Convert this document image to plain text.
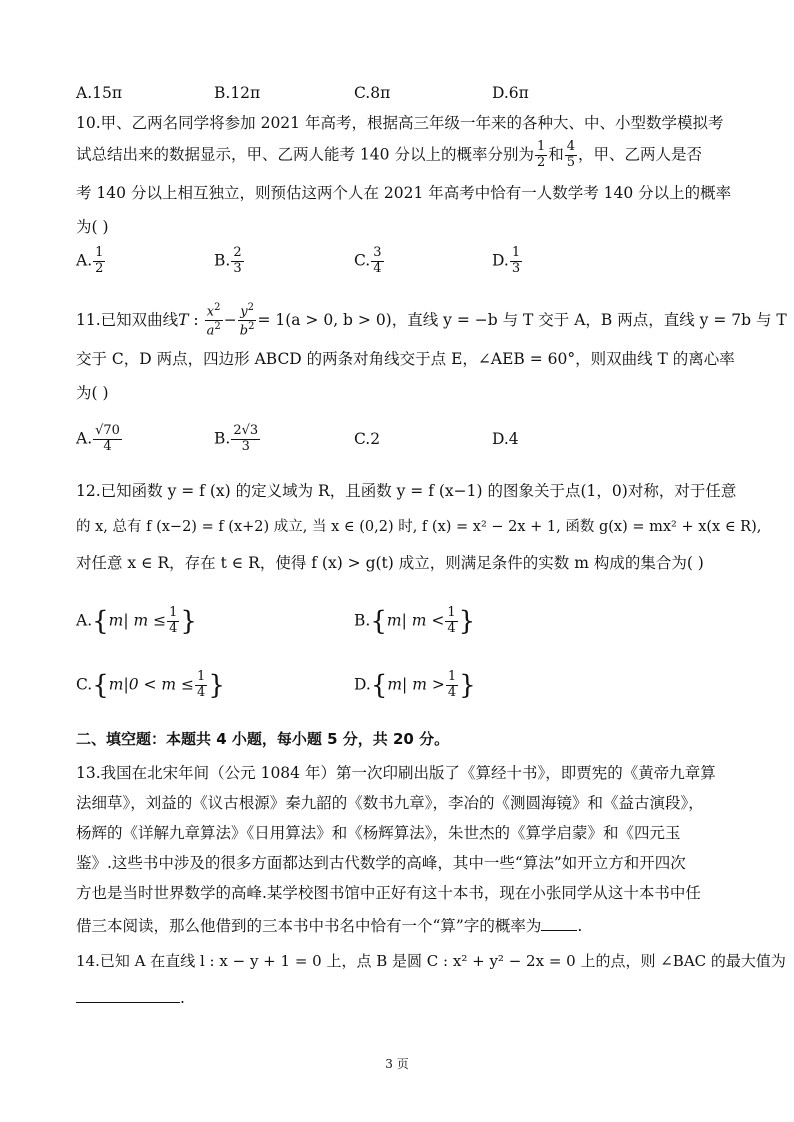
A.15π	B.12π	C.8π	D.6π
10.甲、乙两名同学将参加 2021 年高考，根据高三年级一年来的各种大、中、小型数学模拟考
试总结出来的数据显示，甲、乙两人能考 140 分以上的概率分别为 $\frac{1}{2}$ 和 $\frac{4}{5}$ ，甲、乙两人是否
考 140 分以上相互独立，则预估这两个人在 2021 年高考中恰有一人数学考 140 分以上的概率
为( )
A. $\frac{1}{2}$	B. $\frac{2}{3}$	C. $\frac{3}{4}$	D. $\frac{1}{3}$
11.已知双曲线T : $\frac{x^2}{a^2} - \frac{y^2}{b^2} = 1(a > 0$, b > 0)，直线 y = −b 与 T 交于 A，B 两点，直线 y = 7b 与 T
交于 C，D 两点，四边形 ABCD 的两条对角线交于点 E，∠AEB = 60°，则双曲线 T 的离心率
为( )
A. $\frac{√70}{4}$	B. $\frac{2√3}{3}$	C.2	D.4
12.已知函数 y = f (x) 的定义域为 R，且函数 y = f (x−1) 的图象关于点(1，0)对称，对于任意
的 x, 总有 f (x−2) = f (x+2) 成立, 当 x ∈ (0,2) 时, f (x) = x² − 2x + 1, 函数 g(x) = mx² + x(x ∈ R),
对任意 x ∈ R，存在 t ∈ R，使得 f (x) > g(t) 成立，则满足条件的实数 m 构成的集合为( )
A.{m| $m \le \frac{1}{4}$ }	B.{m| $m < \frac{1}{4}$ }
$C.\{m|0 < m \le \frac{1}{4}$ }	D.{m| $m > \frac{1}{4}$ }
二、填空题：本题共 4 小题，每小题 5 分，共 20 分。
13.我国在北宋年间（公元 1084 年）第一次印刷出版了《算经十书》，即贾宪的《黄帝九章算
法细草》，刘益的《议古根源》秦九韶的《数书九章》，李冶的《测圆海镜》和《益古演段》，
杨辉的《详解九章算法》《日用算法》和《杨辉算法》，朱世杰的《算学启蒙》和《四元玉
鉴》.这些书中涉及的很多方面都达到古代数学的高峰，其中一些“算法”如开立方和开四次
方也是当时世界数学的高峰.某学校图书馆中正好有这十本书，现在小张同学从这十本书中任
借三本阅读，那么他借到的三本书中书名中恰有一个“算”字的概率为 .
14.已知 A 在直线 l : x − y + 1 = 0 上，点 B 是圆 C : x² + y² − 2x = 0 上的点，则 ∠BAC 的最大值为
.
3 页
